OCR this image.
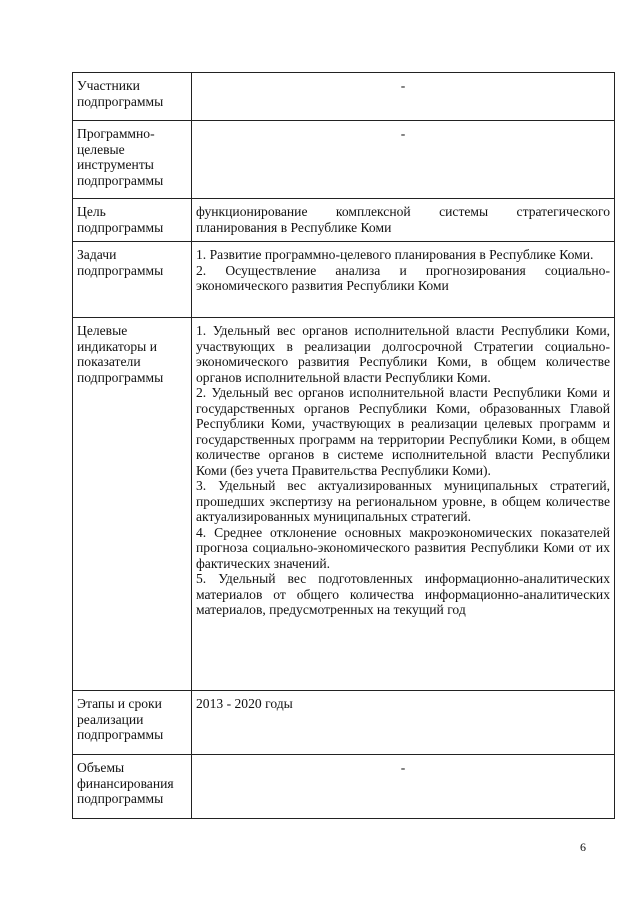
Участники подпрограммы	-
Программно-целевые инструменты подпрограммы	-
Цель подпрограммы	функционирование комплексной системы стратегического планирования в Республике Коми
Задачи подпрограммы	1. Развитие программно-целевого планирования в Республике Коми.

2. Осуществление анализа и прогнозирования социально-экономического развития Республики Коми

Целевые индикаторы и показатели подпрограммы	1. Удельный вес органов исполнительной власти Республики Коми, участвующих в реализации долгосрочной Стратегии социально-экономического развития Республики Коми, в общем количестве органов исполнительной власти Республики Коми.

2. Удельный вес органов исполнительной власти Республики Коми и государственных органов Республики Коми, образованных Главой Республики Коми, участвующих в реализации целевых программ и государственных программ на территории Республики Коми, в общем количестве органов в системе исполнительной власти Республики Коми (без учета Правительства Республики Коми).

3. Удельный вес актуализированных муниципальных стратегий, прошедших экспертизу на региональном уровне, в общем количестве актуализированных муниципальных стратегий.

4. Среднее отклонение основных макроэкономических показателей прогноза социально-экономического развития Республики Коми от их фактических значений.

5. Удельный вес подготовленных информационно-аналитических материалов от общего количества информационно-аналитических материалов, предусмотренных на текущий год

Этапы и сроки реализации подпрограммы	2013 - 2020 годы
Объемы финансирования подпрограммы	-
6
